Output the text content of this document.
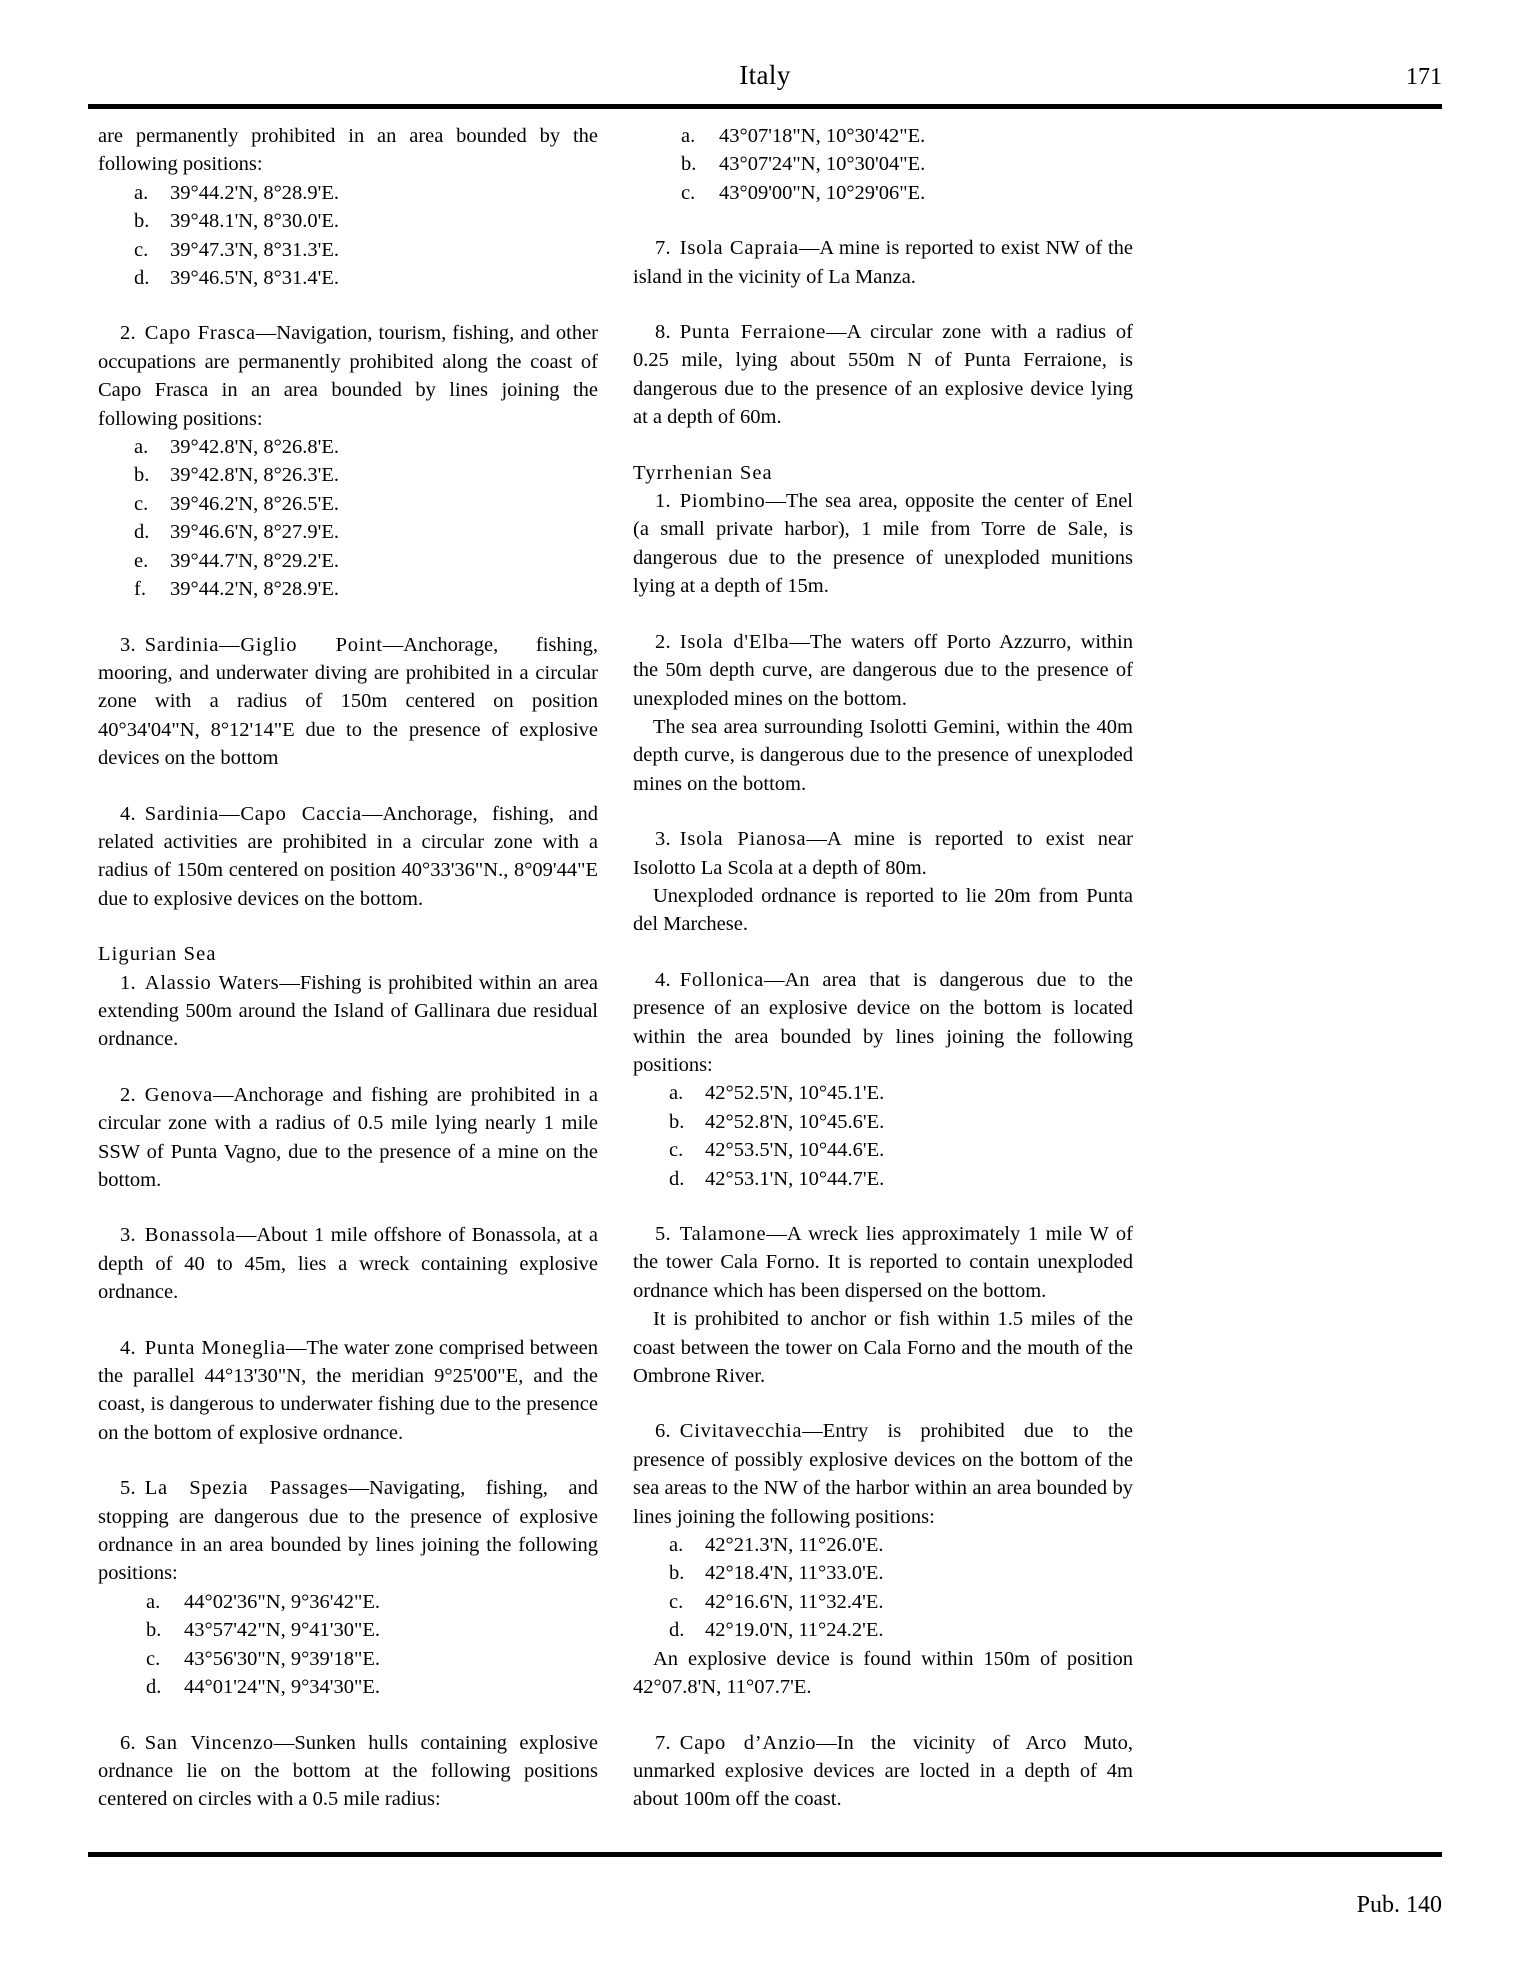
Italy	171

are permanently prohibited in an area bounded by the following positions:

a. 39°44.2'N, 8°28.9'E.
b. 39°48.1'N, 8°30.0'E.
c. 39°47.3'N, 8°31.3'E.
d. 39°46.5'N, 8°31.4'E.

2. Capo Frasca—Navigation, tourism, fishing, and other occupations are permanently prohibited along the coast of Capo Frasca in an area bounded by lines joining the following positions:

a. 39°42.8'N, 8°26.8'E.
b. 39°42.8'N, 8°26.3'E.
c. 39°46.2'N, 8°26.5'E.
d. 39°46.6'N, 8°27.9'E.
e. 39°44.7'N, 8°29.2'E.
f. 39°44.2'N, 8°28.9'E.

3. Sardinia—Giglio Point—Anchorage, fishing, mooring, and underwater diving are prohibited in a circular zone with a radius of 150m centered on position 40°34'04"N, 8°12'14"E due to the presence of explosive devices on the bottom

4. Sardinia—Capo Caccia—Anchorage, fishing, and related activities are prohibited in a circular zone with a radius of 150m centered on position 40°33'36"N., 8°09'44"E due to explosive devices on the bottom.

Ligurian Sea

1. Alassio Waters—Fishing is prohibited within an area extending 500m around the Island of Gallinara due residual ordnance.

2. Genova—Anchorage and fishing are prohibited in a circular zone with a radius of 0.5 mile lying nearly 1 mile SSW of Punta Vagno, due to the presence of a mine on the bottom.

3. Bonassola—About 1 mile offshore of Bonassola, at a depth of 40 to 45m, lies a wreck containing explosive ordnance.

4. Punta Moneglia—The water zone comprised between the parallel 44°13'30"N, the meridian 9°25'00"E, and the coast, is dangerous to underwater fishing due to the presence on the bottom of explosive ordnance.

5. La Spezia Passages—Navigating, fishing, and stopping are dangerous due to the presence of explosive ordnance in an area bounded by lines joining the following positions:

a. 44°02'36"N, 9°36'42"E.
b. 43°57'42"N, 9°41'30"E.
c. 43°56'30"N, 9°39'18"E.
d. 44°01'24"N, 9°34'30"E.

6. San Vincenzo—Sunken hulls containing explosive ordnance lie on the bottom at the following positions centered on circles with a 0.5 mile radius:

a. 43°07'18"N, 10°30'42"E.
b. 43°07'24"N, 10°30'04"E.
c. 43°09'00"N, 10°29'06"E.

7. Isola Capraia—A mine is reported to exist NW of the island in the vicinity of La Manza.

8. Punta Ferraione—A circular zone with a radius of 0.25 mile, lying about 550m N of Punta Ferraione, is dangerous due to the presence of an explosive device lying at a depth of 60m.

Tyrrhenian Sea

1. Piombino—The sea area, opposite the center of Enel (a small private harbor), 1 mile from Torre de Sale, is dangerous due to the presence of unexploded munitions lying at a depth of 15m.

2. Isola d'Elba—The waters off Porto Azzurro, within the 50m depth curve, are dangerous due to the presence of unexploded mines on the bottom.

The sea area surrounding Isolotti Gemini, within the 40m depth curve, is dangerous due to the presence of unexploded mines on the bottom.

3. Isola Pianosa—A mine is reported to exist near Isolotto La Scola at a depth of 80m.

Unexploded ordnance is reported to lie 20m from Punta del Marchese.

4. Follonica—An area that is dangerous due to the presence of an explosive device on the bottom is located within the area bounded by lines joining the following positions:

a. 42°52.5'N, 10°45.1'E.
b. 42°52.8'N, 10°45.6'E.
c. 42°53.5'N, 10°44.6'E.
d. 42°53.1'N, 10°44.7'E.

5. Talamone—A wreck lies approximately 1 mile W of the tower Cala Forno. It is reported to contain unexploded ordnance which has been dispersed on the bottom.

It is prohibited to anchor or fish within 1.5 miles of the coast between the tower on Cala Forno and the mouth of the Ombrone River.

6. Civitavecchia—Entry is prohibited due to the presence of possibly explosive devices on the bottom of the sea areas to the NW of the harbor within an area bounded by lines joining the following positions:

a. 42°21.3'N, 11°26.0'E.
b. 42°18.4'N, 11°33.0'E.
c. 42°16.6'N, 11°32.4'E.
d. 42°19.0'N, 11°24.2'E.

An explosive device is found within 150m of position 42°07.8'N, 11°07.7'E.

7. Capo d’Anzio—In the vicinity of Arco Muto, unmarked explosive devices are locted in a depth of 4m about 100m off the coast.

Pub. 140
